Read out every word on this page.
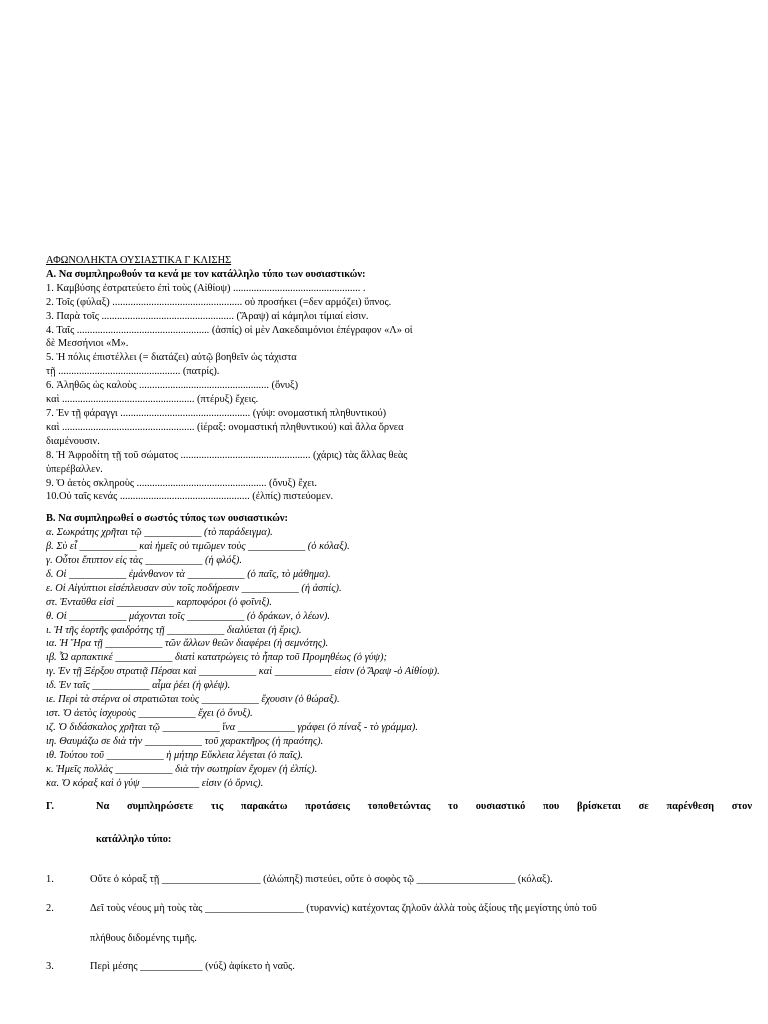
ΑΦΩΝΟΛΗΚΤΑ ΟΥΣΙΑΣΤΙΚΑ Γ ΚΛΙΣΗΣ
Α. Να συμπληρωθούν τα κενά με τον κατάλληλο τύπο των ουσιαστικών:
1. Καμβύσης ἐστρατεύετο ἐπὶ τοὺς (Αἰθίοψ) ................................................. .
2. Τοῖς (φύλαξ) .................................................. οὐ προσήκει (=δεν αρμόζει) ὕπνος.
3. Παρὰ τοῖς ................................................... (Ἄραψ) αἱ κάμηλοι τίμιαί εἰσιν.
4. Ταῖς ................................................... (ἀσπίς) οἱ μὲν Λακεδαιμόνιοι ἐπέγραφον «Λ» οἱ
δὲ Μεσσήνιοι «Μ».
5. Ἡ πόλις ἐπιστέλλει (= διατάζει) αὐτῷ βοηθεῖν ὡς τάχιστα
τῇ ............................................... (πατρίς).
6. Ἀληθῶς ὡς καλοὺς .................................................. (ὄνυξ)
καὶ ................................................... (πτέρυξ) ἔχεις.
7. Ἐν τῇ φάραγγι .................................................. (γύψ: ονομαστική πληθυντικού)
καὶ ................................................... (ἱέραξ: ονομαστική πληθυντικού) καὶ ἄλλα ὄρνεα
διαμένουσιν.
8. Ἡ Ἀφροδίτη τῇ τοῦ σώματος .................................................. (χάρις) τὰς ἄλλας θεὰς
ὑπερέβαλλεν.
9. Ὁ ἀετὸς σκληροὺς .................................................. (ὄνυξ) ἔχει.
10.Οὐ ταῖς κενάς .................................................. (ἐλπίς) πιστεύομεν.
Β. Να συμπληρωθεί ο σωστός τύπος των ουσιαστικών:
α. Σωκράτης χρῆται τῷ ___________ (τὸ παράδειγμα).
β. Σὺ εἶ ___________ καὶ ἡμεῖς οὐ τιμῶμεν τοὺς ___________ (ὁ κόλαξ).
γ. Οὗτοι ἔπιπτον εἰς τὰς ___________ (ἡ φλόξ).
δ. Οἱ ___________ ἐμάνθανον τὰ ___________ (ὁ παῖς, τὸ μάθημα).
ε. Οἱ Αἰγύπτιοι εἰσέπλευσαν σὺν τοῖς ποδήρεσιν ___________ (ἡ ἀσπίς).
στ. Ἐνταῦθα εἰσὶ ___________ καρποφόροι (ὁ φοῖνιξ).
θ. Οἱ ___________ μάχονται τοῖς ___________ (ὁ δράκων, ὁ λέων).
ι. Ἡ τῆς ἑορτῆς φαιδρότης τῇ ___________ διαλύεται (ἡ ἔρις).
ια. Ἡ Ἥρα τῇ ___________ τῶν ἄλλων θεῶν διαφέρει (ἡ σεμνότης).
ιβ. Ὦ αρπακτικέ ___________ διατὶ κατατρώγεις τὸ ἧπαρ τοῦ Προμηθέως (ὁ γύψ);
ιγ. Ἐν τῇ Ξέρξου στρατιᾷ Πέρσαι καὶ ___________ καὶ ___________ εἰσιν (ὁ Ἄραψ -ὁ Αἰθίοψ).
ιδ. Ἐν ταῖς ___________ αἷμα ῥέει (ἡ φλέψ).
ιε. Περὶ τὰ στέρνα οἱ στρατιῶται τοὺς ___________ ἔχουσιν (ὁ θώραξ).
ιστ. Ὁ ἀετὸς ἰσχυροὺς ___________ ἔχει (ὁ ὄνυξ).
ιζ. Ὁ διδάσκαλος χρῆται τῷ ___________ ἵνα ___________ γράφει (ὁ πίναξ - τὸ γράμμα).
ιη. Θαυμάζω σε διὰ τὴν ___________ τοῦ χαρακτῆρος (ἡ πραότης).
ιθ. Τούτου τοῦ ___________ ἡ μήτηρ Εὔκλεια λέγεται (ὁ παῖς).
κ. Ἡμεῖς πολλὰς ___________ διὰ τὴν σωτηρίαν ἔχομεν (ἡ ἐλπίς).
κα. Ὁ κόραξ καὶ ὁ γύψ ___________ εἰσιν (ὁ ὄρνις).
Γ.	Να συμπληρώσετε τις παρακάτω προτάσεις τοποθετώντας το ουσιαστικό που βρίσκεται σε παρένθεση στον
κατάλληλο τύπο:
1.	Οὔτε ὁ κόραξ τῇ ___________________ (ἀλώπηξ) πιστεύει, οὔτε ὁ σοφὸς τῷ ___________________ (κόλαξ).
2.	Δεῖ τοὺς νέους μὴ τοὺς τὰς ___________________ (τυραννίς) κατέχοντας ζηλοῦν ἀλλὰ τοὺς ἀξίους τῆς μεγίστης ὑπὸ τοῦ
πλήθους διδομένης τιμῆς.
3.	Περὶ μέσης ____________ (νύξ) ἀφίκετο ἡ ναῦς.
